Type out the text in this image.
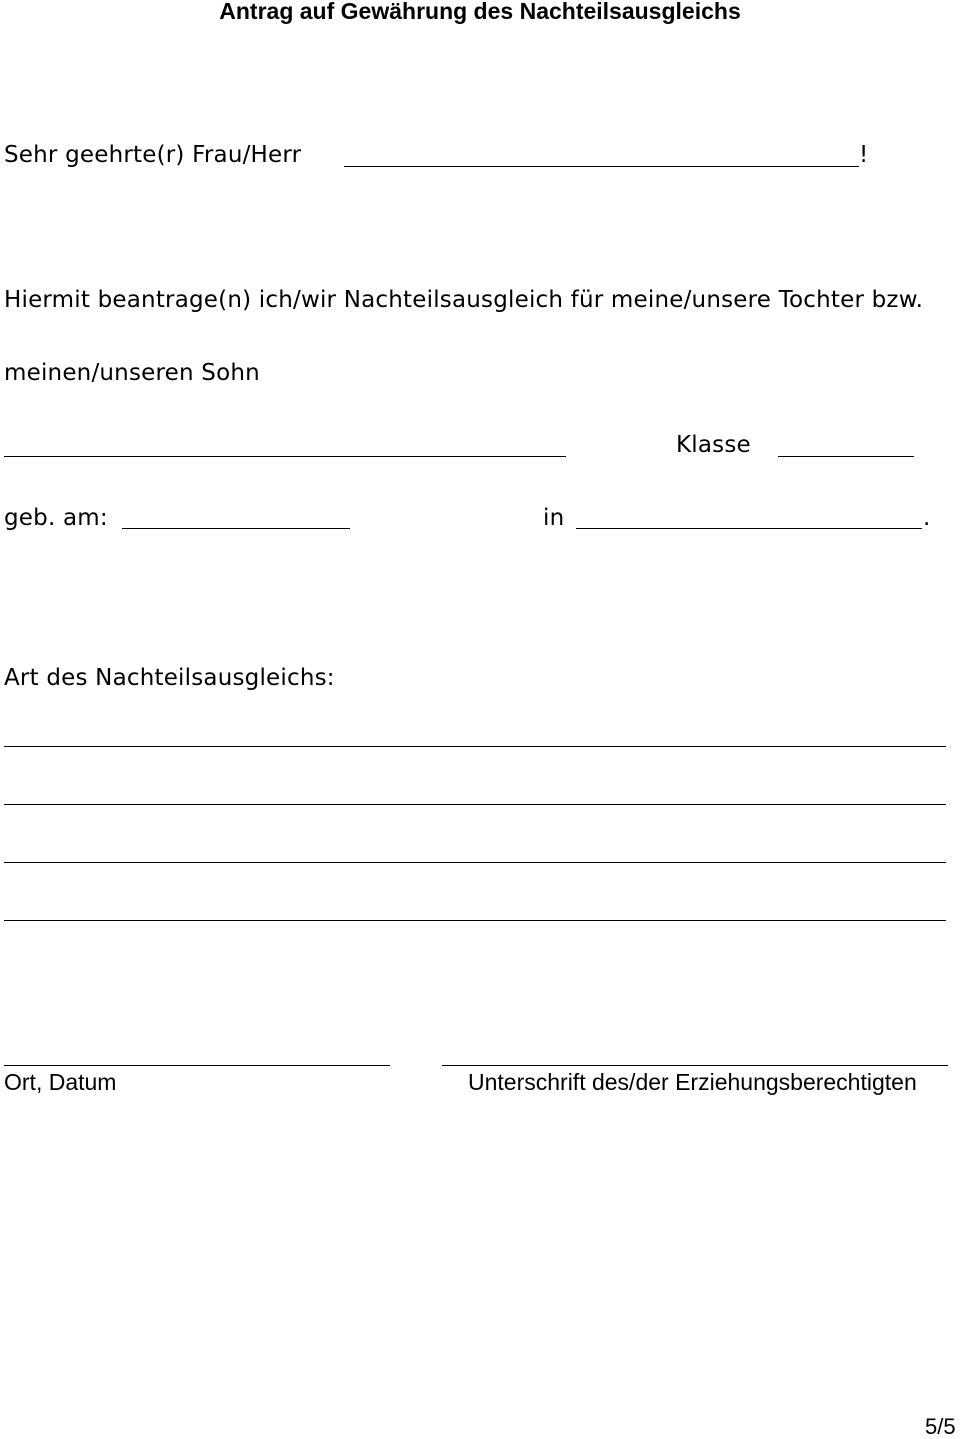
Antrag auf Gewährung des Nachteilsausgleichs
Sehr geehrte(r) Frau/Herr	!
Hiermit beantrage(n) ich/wir Nachteilsausgleich für meine/unsere Tochter bzw.
meinen/unseren Sohn
Klasse
geb. am:	in	.
Art des Nachteilsausgleichs:
Ort, Datum	Unterschrift des/der Erziehungsberechtigten
5/5
